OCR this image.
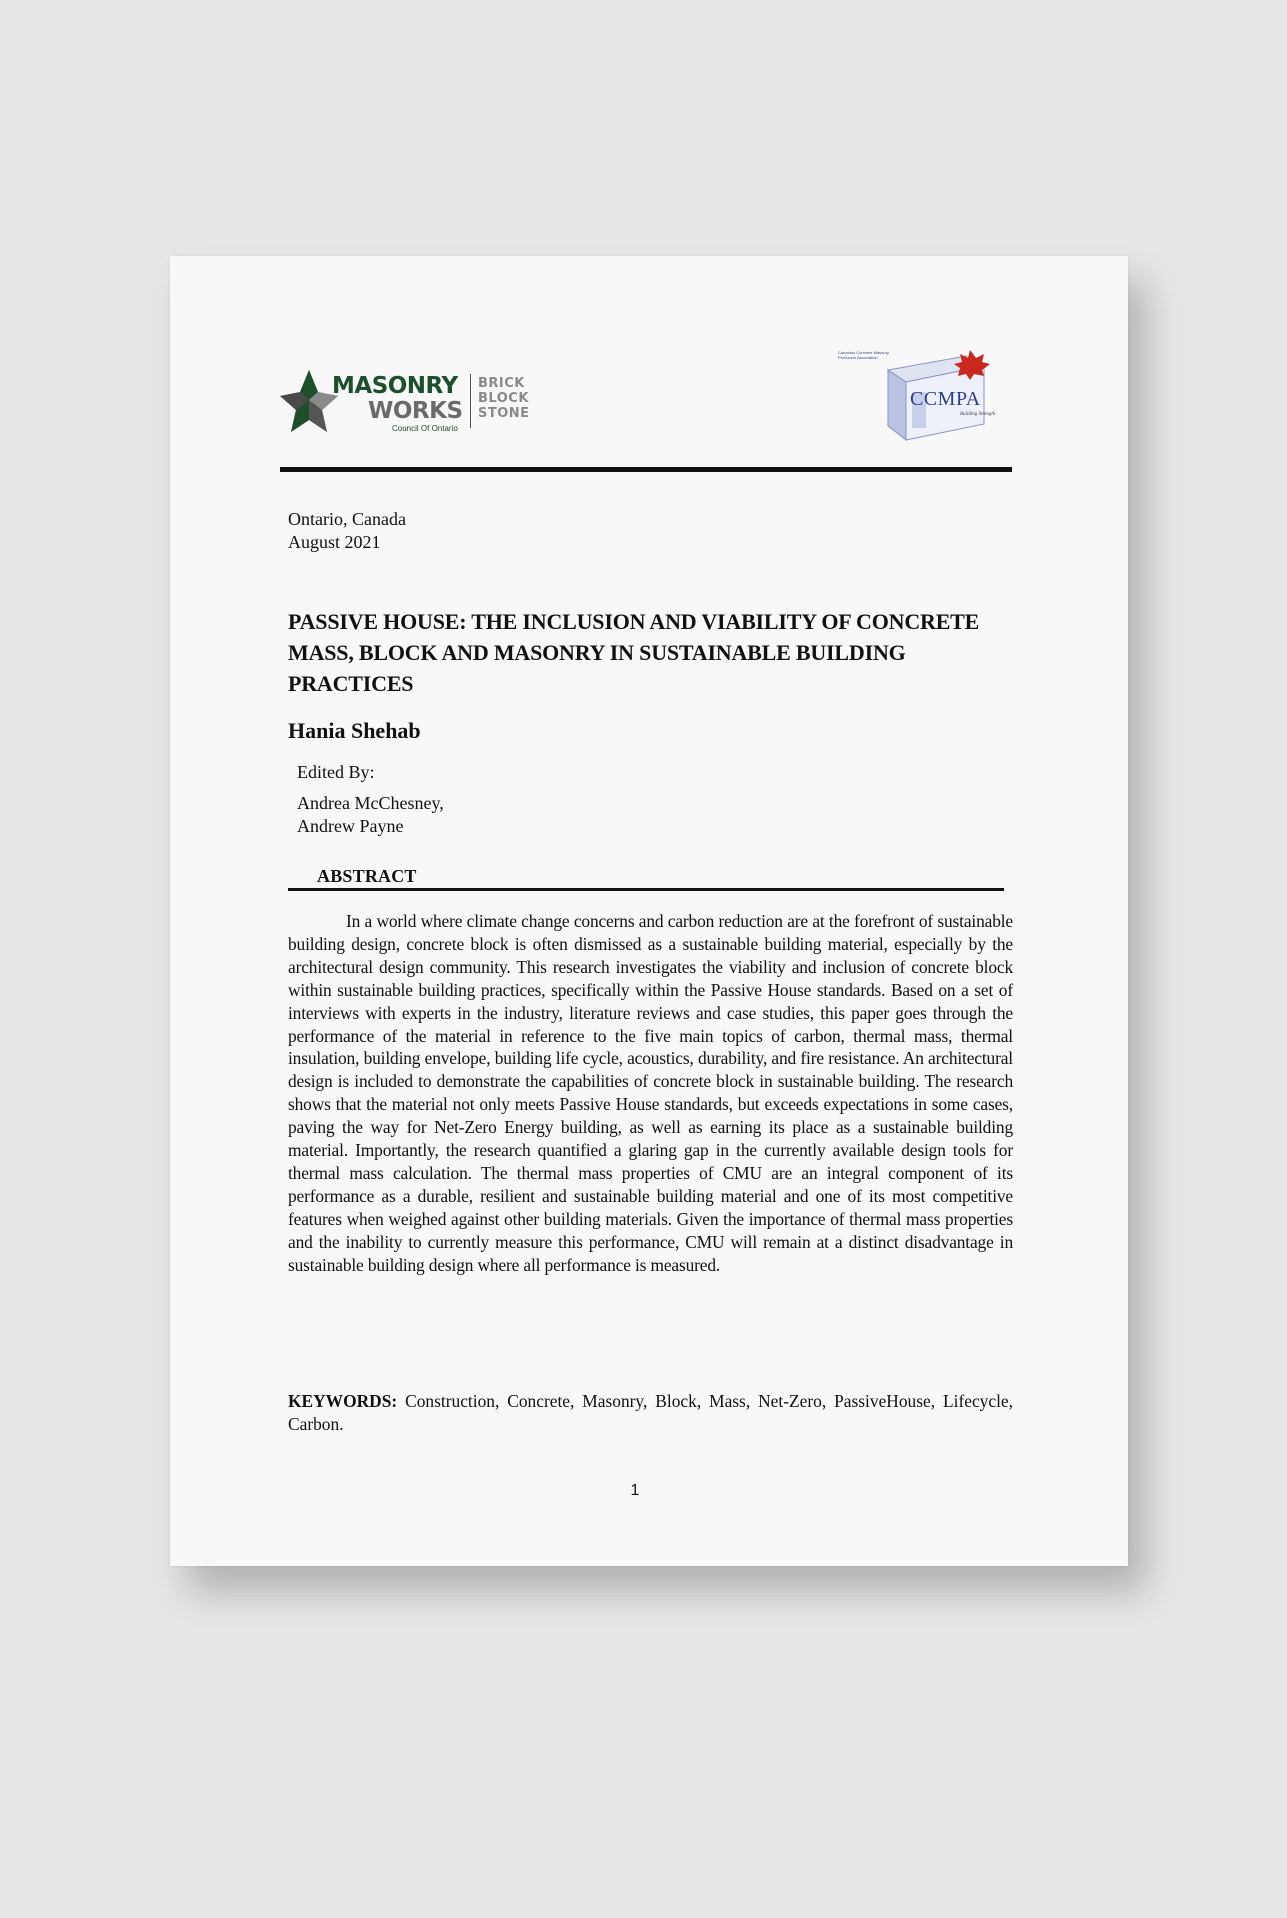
MASONRY
WORKS
Council Of Ontario
BRICK
BLOCK
STONE
Canadian Concrete Masonry Producers Association
CCMPA
Building Strength
Ontario, Canada
August 2021
PASSIVE HOUSE: THE INCLUSION AND VIABILITY OF CONCRETE MASS, BLOCK AND MASONRY IN SUSTAINABLE BUILDING PRACTICES
Hania Shehab
Edited By:
Andrea McChesney,
Andrew Payne
ABSTRACT
In a world where climate change concerns and carbon reduction are at the forefront of sustainable building design, concrete block is often dismissed as a sustainable building material, especially by the architectural design community. This research investigates the viability and inclusion of concrete block within sustainable building practices, specifically within the Passive House standards. Based on a set of interviews with experts in the industry, literature reviews and case studies, this paper goes through the performance of the material in reference to the five main topics of carbon, thermal mass, thermal insulation, building envelope, building life cycle, acoustics, durability, and fire resistance. An architectural design is included to demonstrate the capabilities of concrete block in sustainable building. The research shows that the material not only meets Passive House standards, but exceeds expectations in some cases, paving the way for Net-Zero Energy building, as well as earning its place as a sustainable building material. Importantly, the research quantified a glaring gap in the currently available design tools for thermal mass calculation. The thermal mass properties of CMU are an integral component of its performance as a durable, resilient and sustainable building material and one of its most competitive features when weighed against other building materials. Given the importance of thermal mass properties and the inability to currently measure this performance, CMU will remain at a distinct disadvantage in sustainable building design where all performance is measured.
KEYWORDS: Construction, Concrete, Masonry, Block, Mass, Net-Zero, PassiveHouse, Lifecycle, Carbon.
1
